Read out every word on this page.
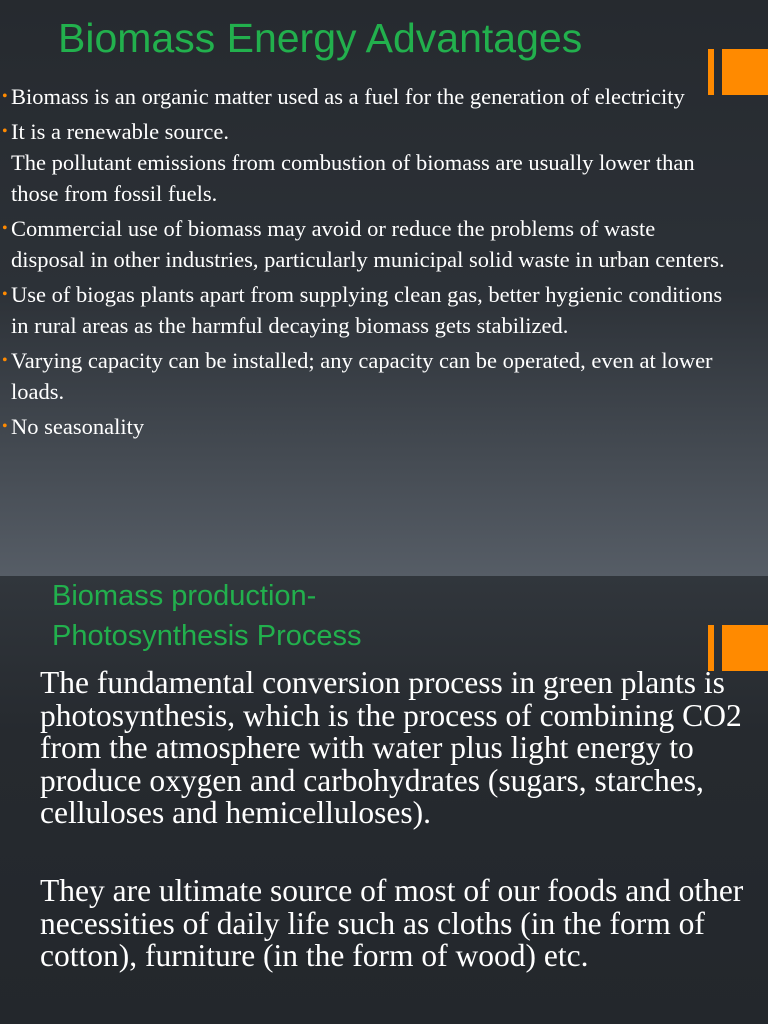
Biomass Energy Advantages
• Biomass is an organic matter used as a fuel for the generation of electricity
• It is a renewable source.
The pollutant emissions from combustion of biomass are usually lower than those from fossil fuels.
• Commercial use of biomass may avoid or reduce the problems of waste disposal in other industries, particularly municipal solid waste in urban centers.
• Use of biogas plants apart from supplying clean gas, better hygienic conditions in rural areas as the harmful decaying biomass gets stabilized.
• Varying capacity can be installed; any capacity can be operated, even at lower loads.
• No seasonality
Biomass production-
Photosynthesis Process

The fundamental conversion process in green plants is photosynthesis, which is the process of combining CO2 from the atmosphere with water plus light energy to produce oxygen and carbohydrates (sugars, starches, celluloses and hemicelluloses).

They are ultimate source of most of our foods and other necessities of daily life such as cloths (in the form of cotton), furniture (in the form of wood) etc.
